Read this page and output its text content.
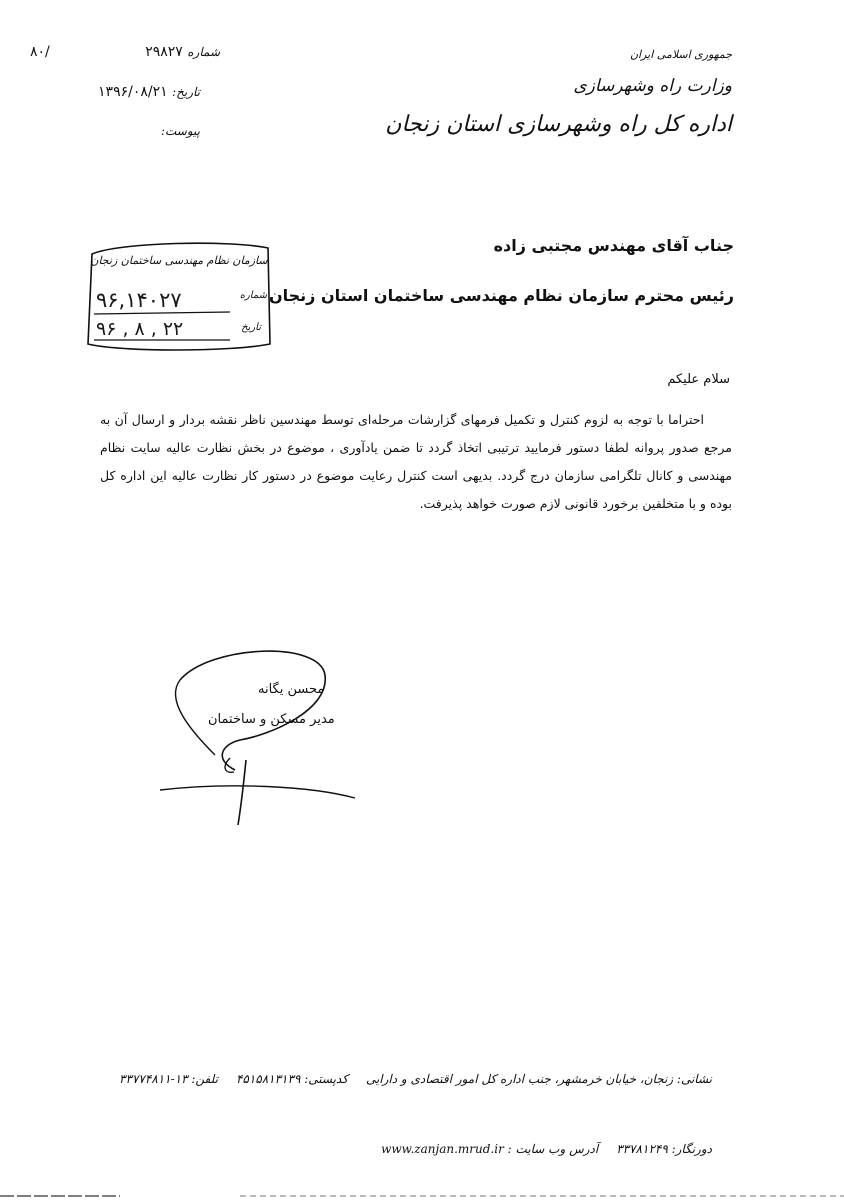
۸۰/	شماره ۲۹۸۲۷
تاریخ: ۱۳۹۶/۰۸/۲۱
پیوست:
جمهوری اسلامی ایران
وزارت راه وشهرسازی
اداره کل راه وشهرسازی استان زنجان
سازمان نظام مهندسی ساختمان زنجان
شماره
۹۶,۱۴۰۲۷
تاریخ
۹۶ , ۸ , ۲۲
جناب آقای مهندس مجتبی زاده
رئیس محترم سازمان نظام مهندسی ساختمان استان زنجان
سلام علیکم

احتراما با توجه به لزوم کنترل و تکمیل فرمهای گزارشات مرحله‌ای توسط مهندسین ناظر نقشه بردار و ارسال آن به مرجع صدور پروانه لطفا دستور فرمایید ترتیبی اتخاذ گردد تا ضمن یادآوری ، موضوع در بخش نظارت عالیه سایت نظام مهندسی و کانال تلگرامی سازمان درج گردد. بدیهی است کنترل رعایت موضوع در دستور کار نظارت عالیه این اداره کل بوده و با متخلفین برخورد قانونی لازم صورت خواهد پذیرفت.

محسن یگانه
مدیر مسکن و ساختمان
نشانی: زنجان، خیابان خرمشهر، جنب اداره کل امور اقتصادی و داراییکدپستی: ۴۵۱۵۸۱۳۱۳۹تلفن: ۱۳-۳۳۷۷۴۸۱۱
دورنگار: ۳۳۷۸۱۲۴۹آدرس وب سایت : www.zanjan.mrud.ir
